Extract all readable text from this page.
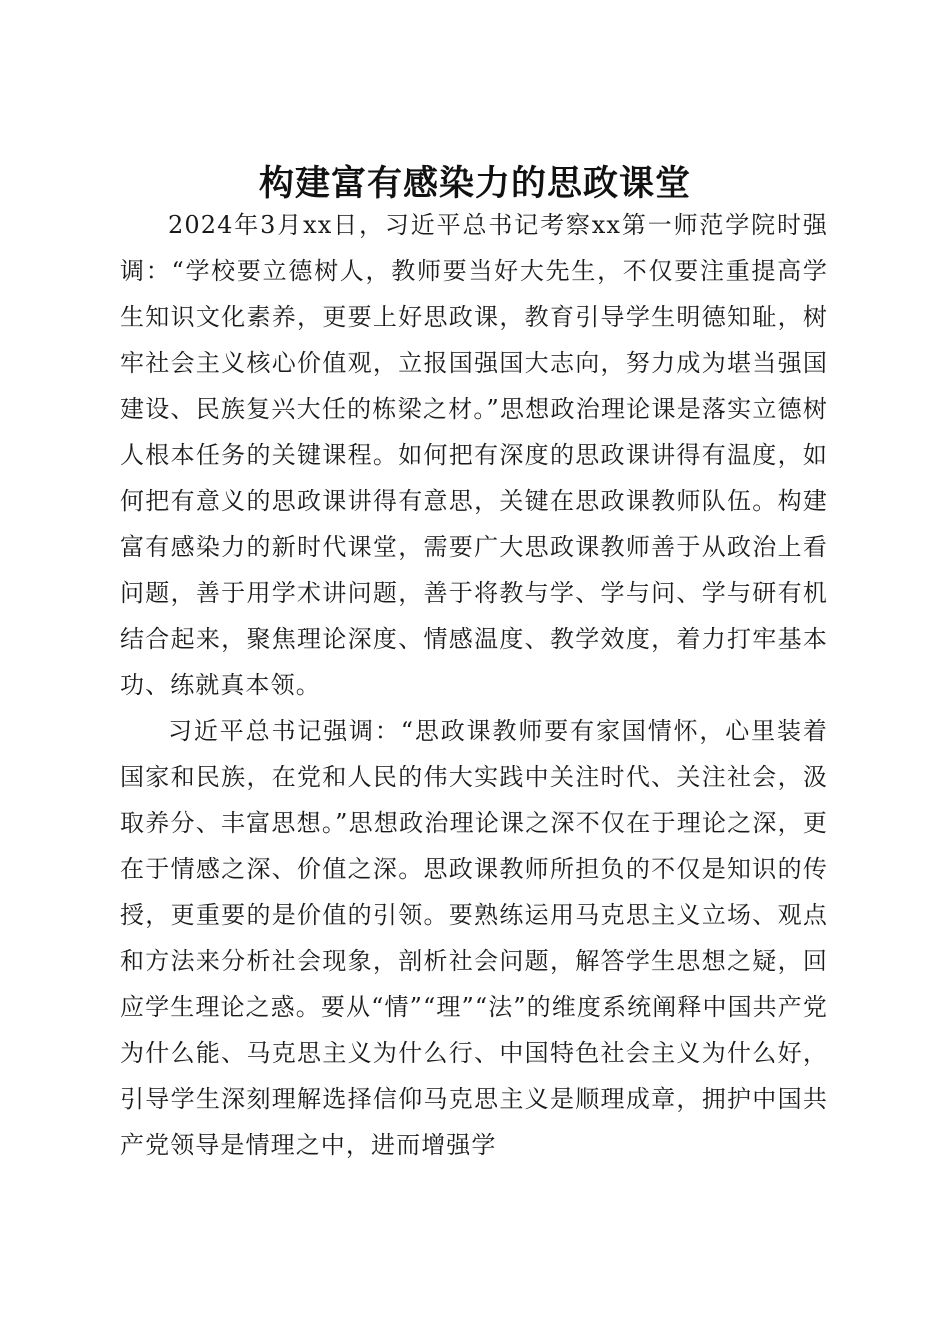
构建富有感染力的思政课堂

2024年3月xx日，习近平总书记考察xx第一师范学院时强调：“学校要立德树人，教师要当好大先生，不仅要注重提高学生知识文化素养，更要上好思政课，教育引导学生明德知耻，树牢社会主义核心价值观，立报国强国大志向，努力成为堪当强国建设、民族复兴大任的栋梁之材。”思想政治理论课是落实立德树人根本任务的关键课程。如何把有深度的思政课讲得有温度，如何把有意义的思政课讲得有意思，关键在思政课教师队伍。构建富有感染力的新时代课堂，需要广大思政课教师善于从政治上看问题，善于用学术讲问题，善于将教与学、学与问、学与研有机结合起来，聚焦理论深度、情感温度、教学效度，着力打牢基本功、练就真本领。

习近平总书记强调：“思政课教师要有家国情怀，心里装着国家和民族，在党和人民的伟大实践中关注时代、关注社会，汲取养分、丰富思想。”思想政治理论课之深不仅在于理论之深，更在于情感之深、价值之深。思政课教师所担负的不仅是知识的传授，更重要的是价值的引领。要熟练运用马克思主义立场、观点和方法来分析社会现象，剖析社会问题，解答学生思想之疑，回应学生理论之惑。要从“情”“理”“法”的维度系统阐释中国共产党为什么能、马克思主义为什么行、中国特色社会主义为什么好，引导学生深刻理解选择信仰马克思主义是顺理成章，拥护中国共产党领导是情理之中，进而增强学
